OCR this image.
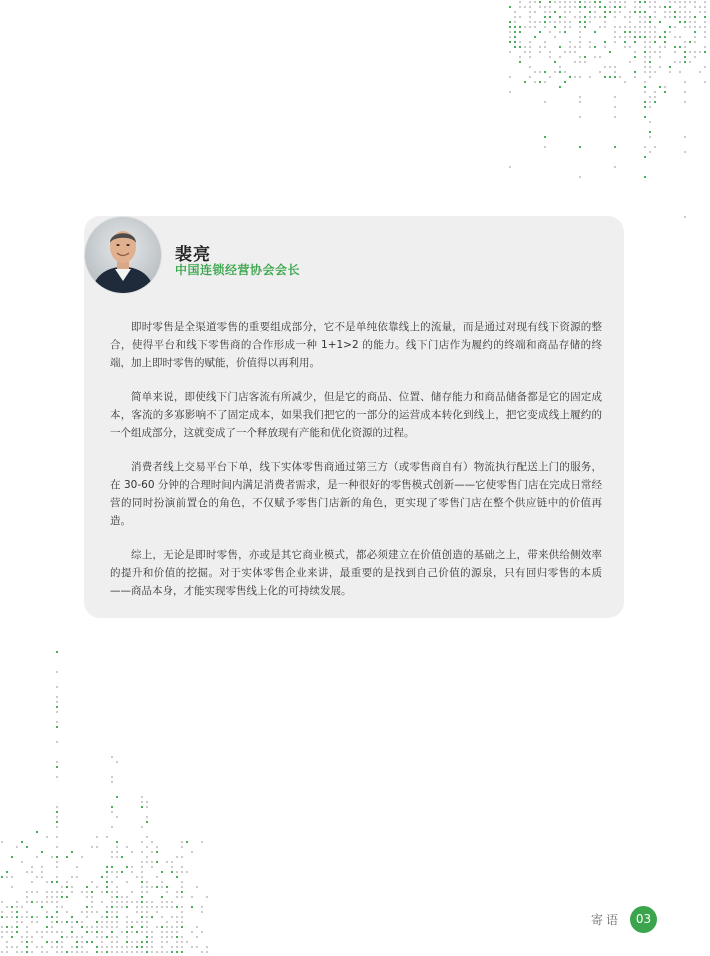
裴亮
中国连锁经营协会会长

即时零售是全渠道零售的重要组成部分，它不是单纯依靠线上的流量，而是通过对现有线下资源的整合，使得平台和线下零售商的合作形成一种 1+1>2 的能力。线下门店作为履约的终端和商品存储的终端，加上即时零售的赋能，价值得以再利用。

简单来说，即使线下门店客流有所减少，但是它的商品、位置、储存能力和商品储备都是它的固定成本，客流的多寡影响不了固定成本，如果我们把它的一部分的运营成本转化到线上，把它变成线上履约的一个组成部分，这就变成了一个释放现有产能和优化资源的过程。

消费者线上交易平台下单，线下实体零售商通过第三方（或零售商自有）物流执行配送上门的服务，在 30-60 分钟的合理时间内满足消费者需求，是一种很好的零售模式创新——它使零售门店在完成日常经营的同时扮演前置仓的角色，不仅赋予零售门店新的角色，更实现了零售门店在整个供应链中的价值再造。

综上，无论是即时零售，亦或是其它商业模式，都必须建立在价值创造的基础之上，带来供给侧效率的提升和价值的挖掘。对于实体零售企业来讲，最重要的是找到自己价值的源泉，只有回归零售的本质——商品本身，才能实现零售线上化的可持续发展。

寄语	03
